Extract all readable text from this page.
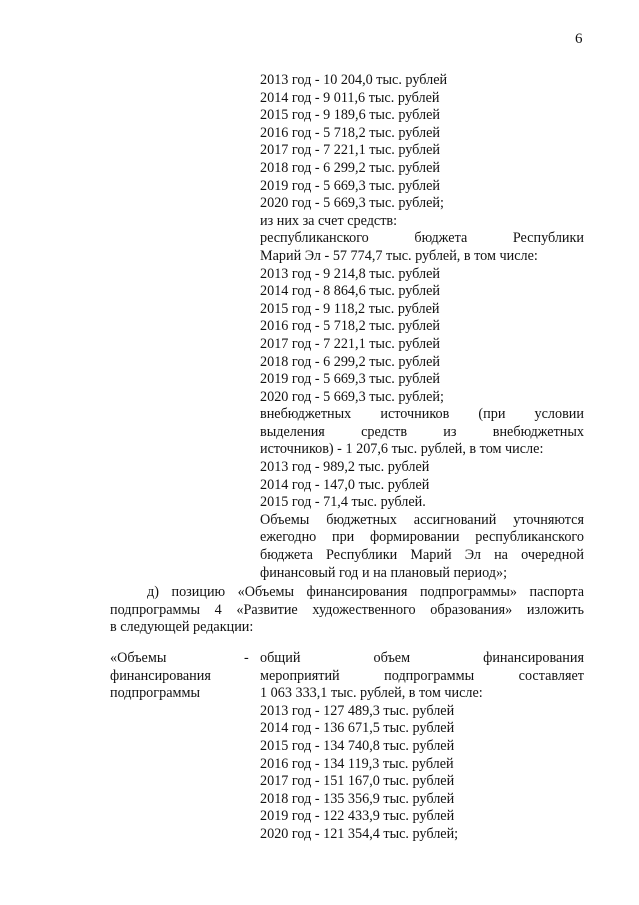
6
2013 год - 10 204,0 тыс. рублей
2014 год - 9 011,6 тыс. рублей
2015 год - 9 189,6 тыс. рублей
2016 год - 5 718,2 тыс. рублей
2017 год - 7 221,1 тыс. рублей
2018 год - 6 299,2 тыс. рублей
2019 год - 5 669,3 тыс. рублей
2020 год - 5 669,3 тыс. рублей;
из них за счет средств:
республиканского бюджета Республики
Марий Эл - 57 774,7 тыс. рублей, в том числе:
2013 год - 9 214,8 тыс. рублей
2014 год - 8 864,6 тыс. рублей
2015 год - 9 118,2 тыс. рублей
2016 год - 5 718,2 тыс. рублей
2017 год - 7 221,1 тыс. рублей
2018 год - 6 299,2 тыс. рублей
2019 год - 5 669,3 тыс. рублей
2020 год - 5 669,3 тыс. рублей;
внебюджетных источников (при условии
выделения средств из внебюджетных
источников) - 1 207,6 тыс. рублей, в том числе:
2013 год - 989,2 тыс. рублей
2014 год - 147,0 тыс. рублей
2015 год - 71,4 тыс. рублей.
Объемы бюджетных ассигнований уточняются
ежегодно при формировании республиканского
бюджета Республики Марий Эл на очередной
финансовый год и на плановый период»;
д) позицию «Объемы финансирования подпрограммы» паспорта
подпрограммы 4 «Развитие художественного образования» изложить
в следующей редакции:
«Объемы
финансирования
подпрограммы
- общий объем финансирования
мероприятий подпрограммы составляет
1 063 333,1 тыс. рублей, в том числе:
2013 год - 127 489,3 тыс. рублей
2014 год - 136 671,5 тыс. рублей
2015 год - 134 740,8 тыс. рублей
2016 год - 134 119,3 тыс. рублей
2017 год - 151 167,0 тыс. рублей
2018 год - 135 356,9 тыс. рублей
2019 год - 122 433,9 тыс. рублей
2020 год - 121 354,4 тыс. рублей;
